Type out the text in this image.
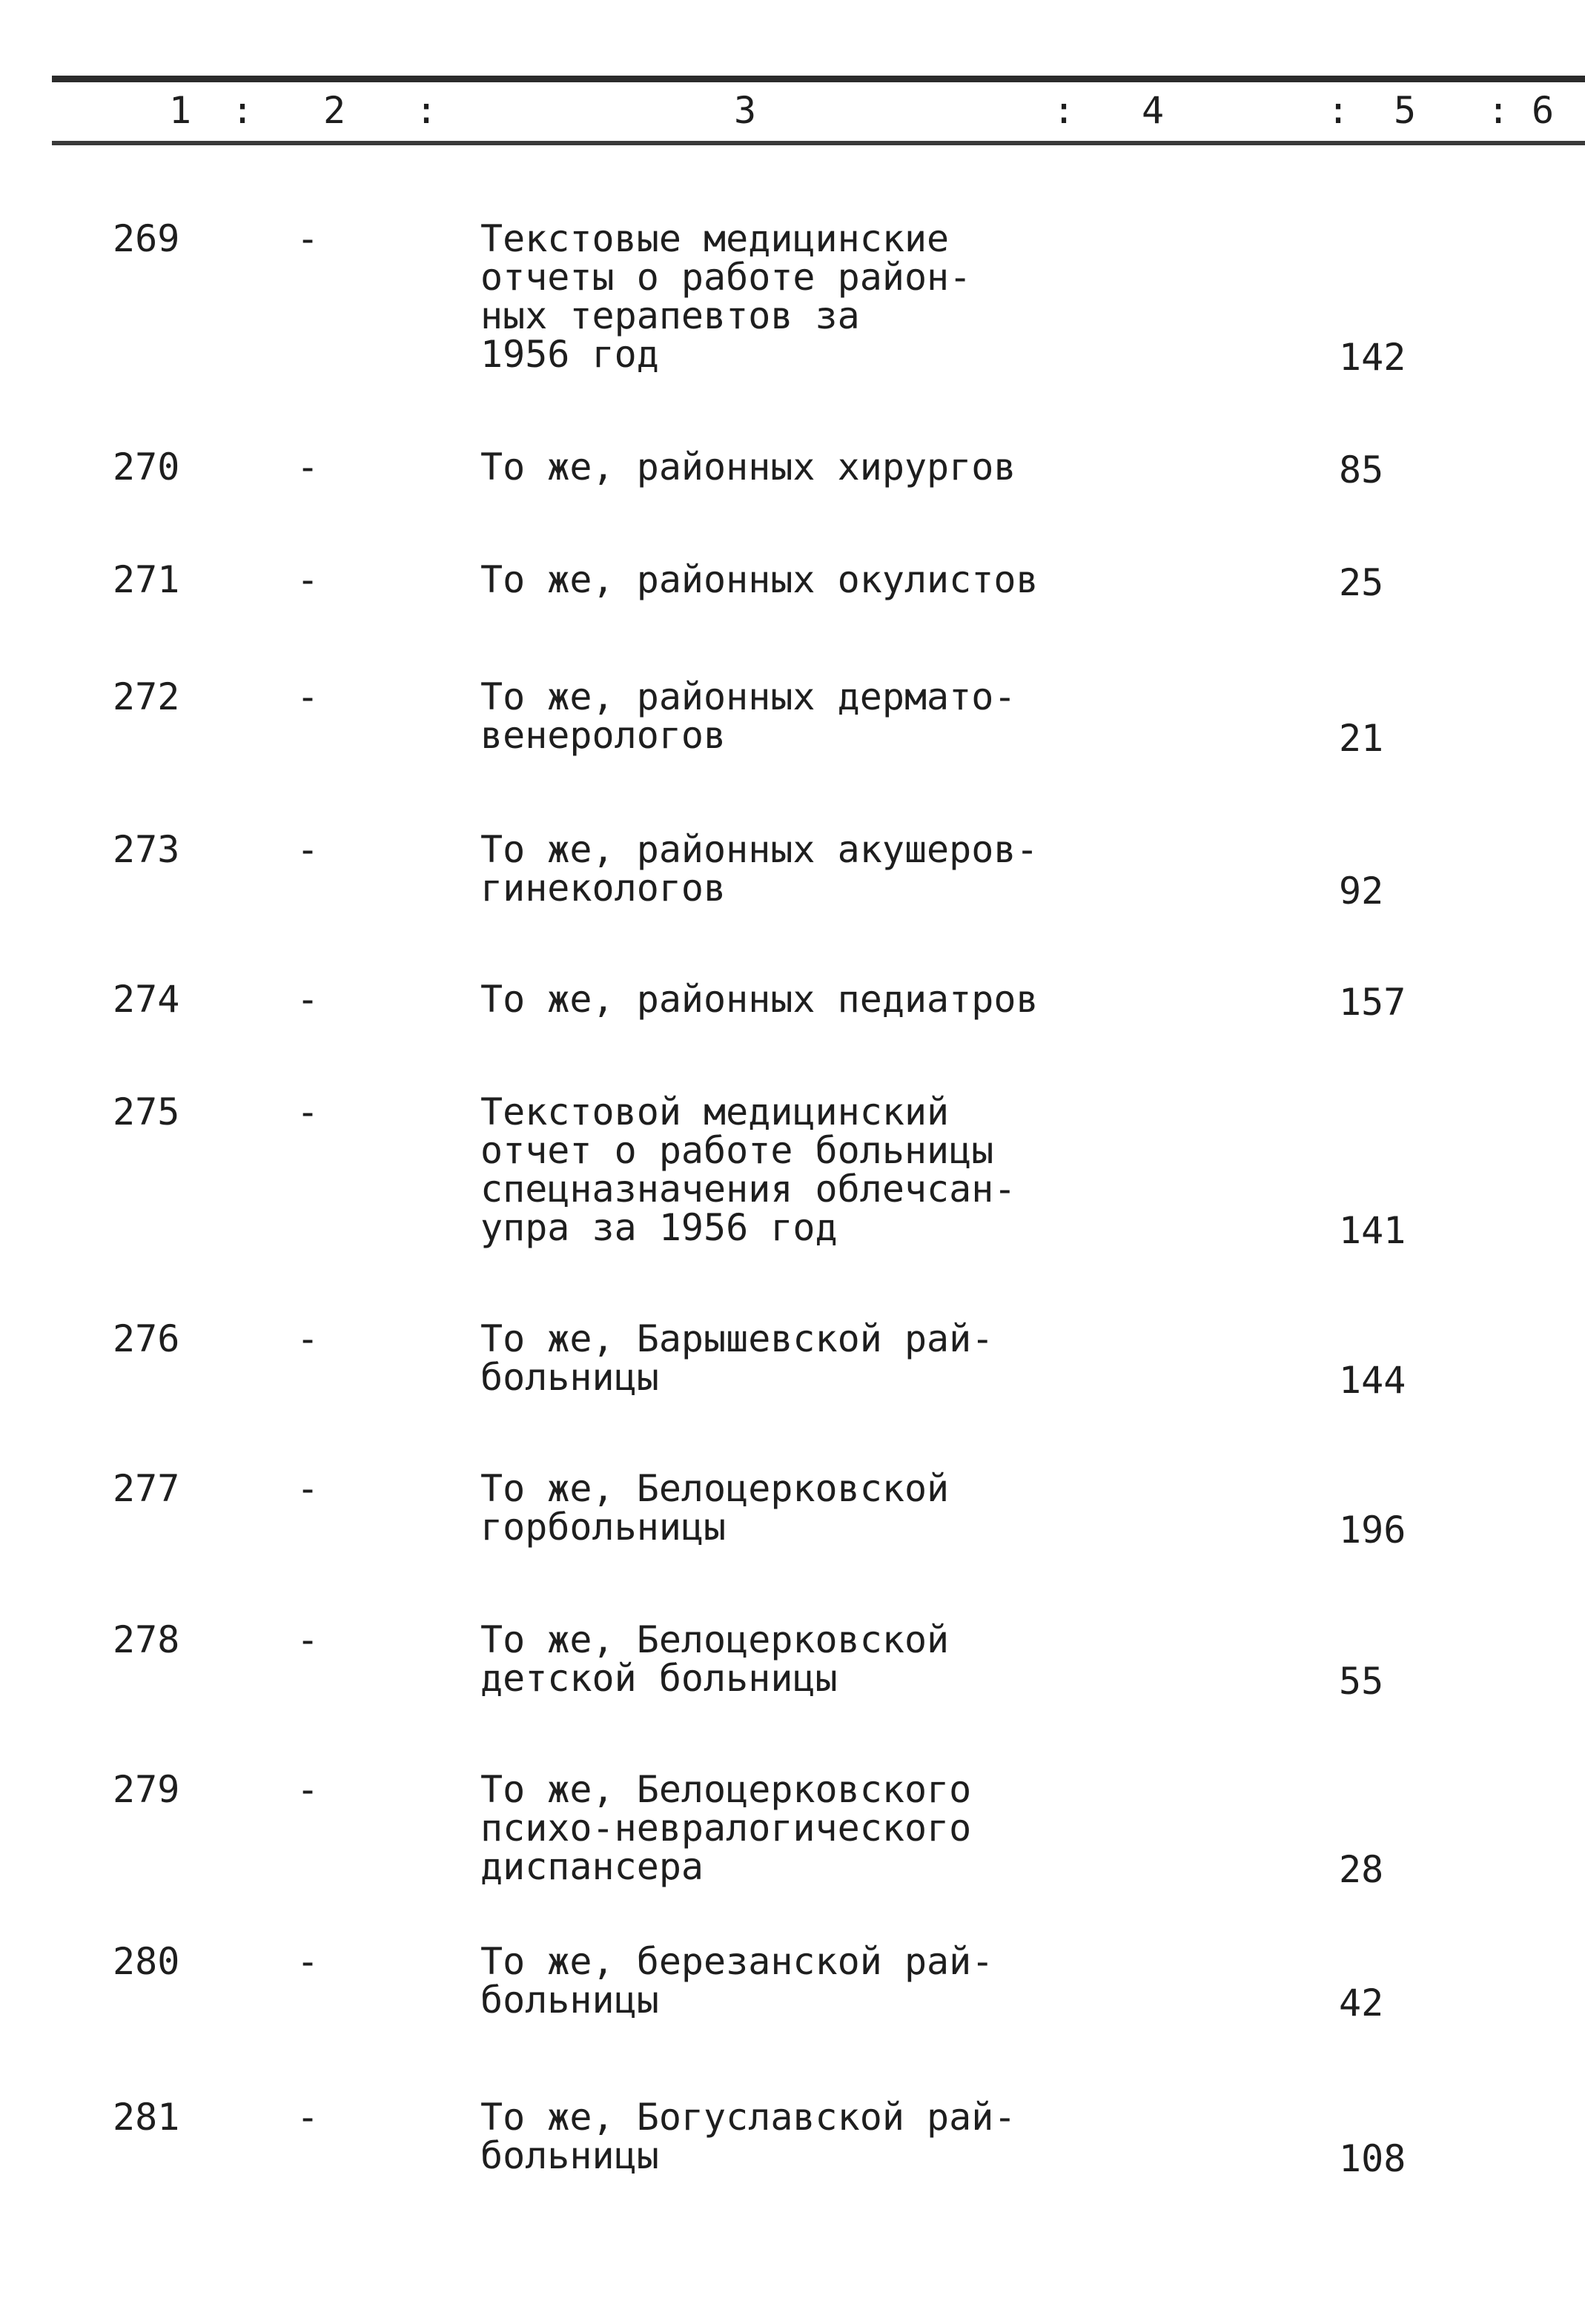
1 : 2 :	3	: 4	: 5 : 6
269	-	Текстовые медицинские
отчеты о работе район-
ных терапевтов за
1956 год	142
270	-	То же, районных хирургов	85
271	-	То же, районных окулистов	25
272	-	То же, районных дермато-
венерологов	21
273	-	То же, районных акушеров-
гинекологов	92
274	-	То же, районных педиатров	157
275	-	Текстовой медицинский
отчет о работе больницы
спецназначения облечсан-
упра за 1956 год	141
276	-	То же, Барышевской рай-
больницы	144
277	-	То же, Белоцерковской
горбольницы	196
278	-	То же, Белоцерковской
детской больницы	55
279	-	То же, Белоцерковского
психо-невралогического
диспансера	28
280	-	То же, березанской рай-
больницы	42
281	-	То же, Богуславской рай-
больницы	108
